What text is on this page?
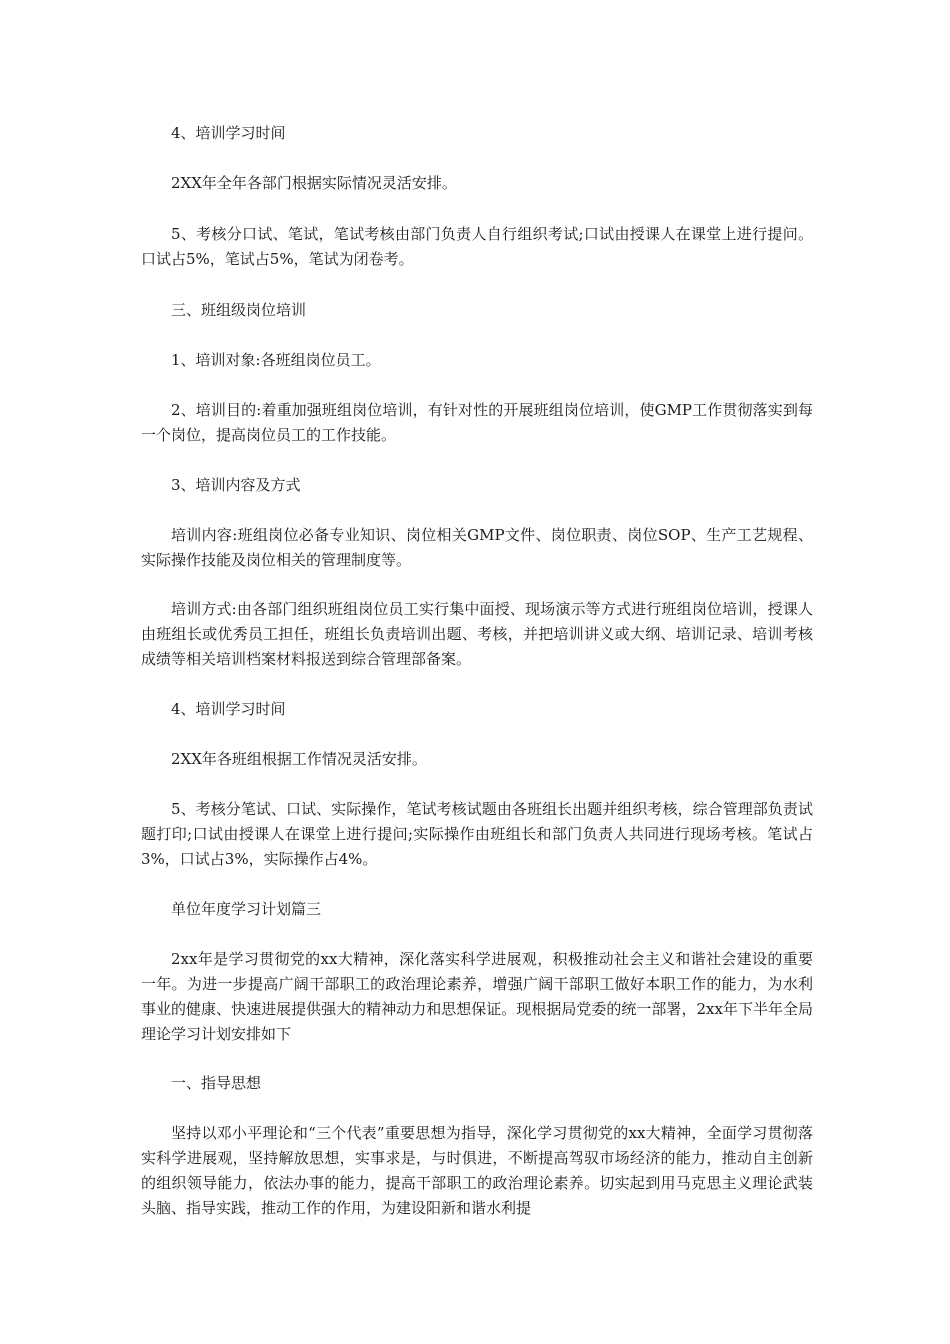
4、培训学习时间

2XX年全年各部门根据实际情况灵活安排。

5、考核分口试、笔试，笔试考核由部门负责人自行组织考试;口试由授课人在课堂上进行提问。口试占5%，笔试占5%，笔试为闭卷考。

三、班组级岗位培训

1、培训对象:各班组岗位员工。

2、培训目的:着重加强班组岗位培训，有针对性的开展班组岗位培训，使GMP工作贯彻落实到每一个岗位，提高岗位员工的工作技能。

3、培训内容及方式

培训内容:班组岗位必备专业知识、岗位相关GMP文件、岗位职责、岗位SOP、生产工艺规程、实际操作技能及岗位相关的管理制度等。

培训方式:由各部门组织班组岗位员工实行集中面授、现场演示等方式进行班组岗位培训，授课人由班组长或优秀员工担任，班组长负责培训出题、考核，并把培训讲义或大纲、培训记录、培训考核成绩等相关培训档案材料报送到综合管理部备案。

4、培训学习时间

2XX年各班组根据工作情况灵活安排。

5、考核分笔试、口试、实际操作，笔试考核试题由各班组长出题并组织考核，综合管理部负责试题打印;口试由授课人在课堂上进行提问;实际操作由班组长和部门负责人共同进行现场考核。笔试占3%，口试占3%，实际操作占4%。

单位年度学习计划篇三

2xx年是学习贯彻党的xx大精神，深化落实科学进展观，积极推动社会主义和谐社会建设的重要一年。为进一步提高广阔干部职工的政治理论素养，增强广阔干部职工做好本职工作的能力，为水利事业的健康、快速进展提供强大的精神动力和思想保证。现根据局党委的统一部署，2xx年下半年全局理论学习计划安排如下

一、指导思想

坚持以邓小平理论和“三个代表”重要思想为指导，深化学习贯彻党的xx大精神，全面学习贯彻落实科学进展观，坚持解放思想，实事求是，与时俱进，不断提高驾驭市场经济的能力，推动自主创新的组织领导能力，依法办事的能力，提高干部职工的政治理论素养。切实起到用马克思主义理论武装头脑、指导实践，推动工作的作用，为建设阳新和谐水利提
